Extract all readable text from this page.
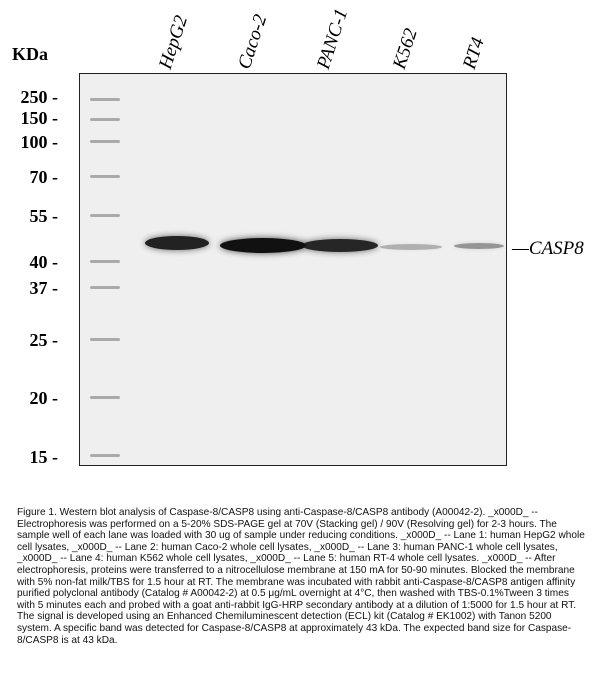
KDa	HepG2 Caco-2 PANC-1 K562 RT4
250 -
150 -
100 -
70 -
55 -
40 -
37 -
25 -
20 -
15 -
—CASP8

Figure 1. Western blot analysis of Caspase-8/CASP8 using anti-Caspase-8/CASP8 antibody (A00042-2). _x000D_ -- Electrophoresis was performed on a 5-20% SDS-PAGE gel at 70V (Stacking gel) / 90V (Resolving gel) for 2-3 hours. The sample well of each lane was loaded with 30 ug of sample under reducing conditions. _x000D_ -- Lane 1: human HepG2 whole cell lysates, _x000D_ -- Lane 2: human Caco-2 whole cell lysates, _x000D_ -- Lane 3: human PANC-1 whole cell lysates, _x000D_ -- Lane 4: human K562 whole cell lysates, _x000D_ -- Lane 5: human RT-4 whole cell lysates. _x000D_ -- After electrophoresis, proteins were transferred to a nitrocellulose membrane at 150 mA for 50-90 minutes. Blocked the membrane with 5% non-fat milk/TBS for 1.5 hour at RT. The membrane was incubated with rabbit anti-Caspase-8/CASP8 antigen affinity purified polyclonal antibody (Catalog # A00042-2) at 0.5 μg/mL overnight at 4°C, then washed with TBS-0.1%Tween 3 times with 5 minutes each and probed with a goat anti-rabbit IgG-HRP secondary antibody at a dilution of 1:5000 for 1.5 hour at RT. The signal is developed using an Enhanced Chemiluminescent detection (ECL) kit (Catalog # EK1002) with Tanon 5200 system. A specific band was detected for Caspase-8/CASP8 at approximately 43 kDa. The expected band size for Caspase-8/CASP8 is at 43 kDa.
